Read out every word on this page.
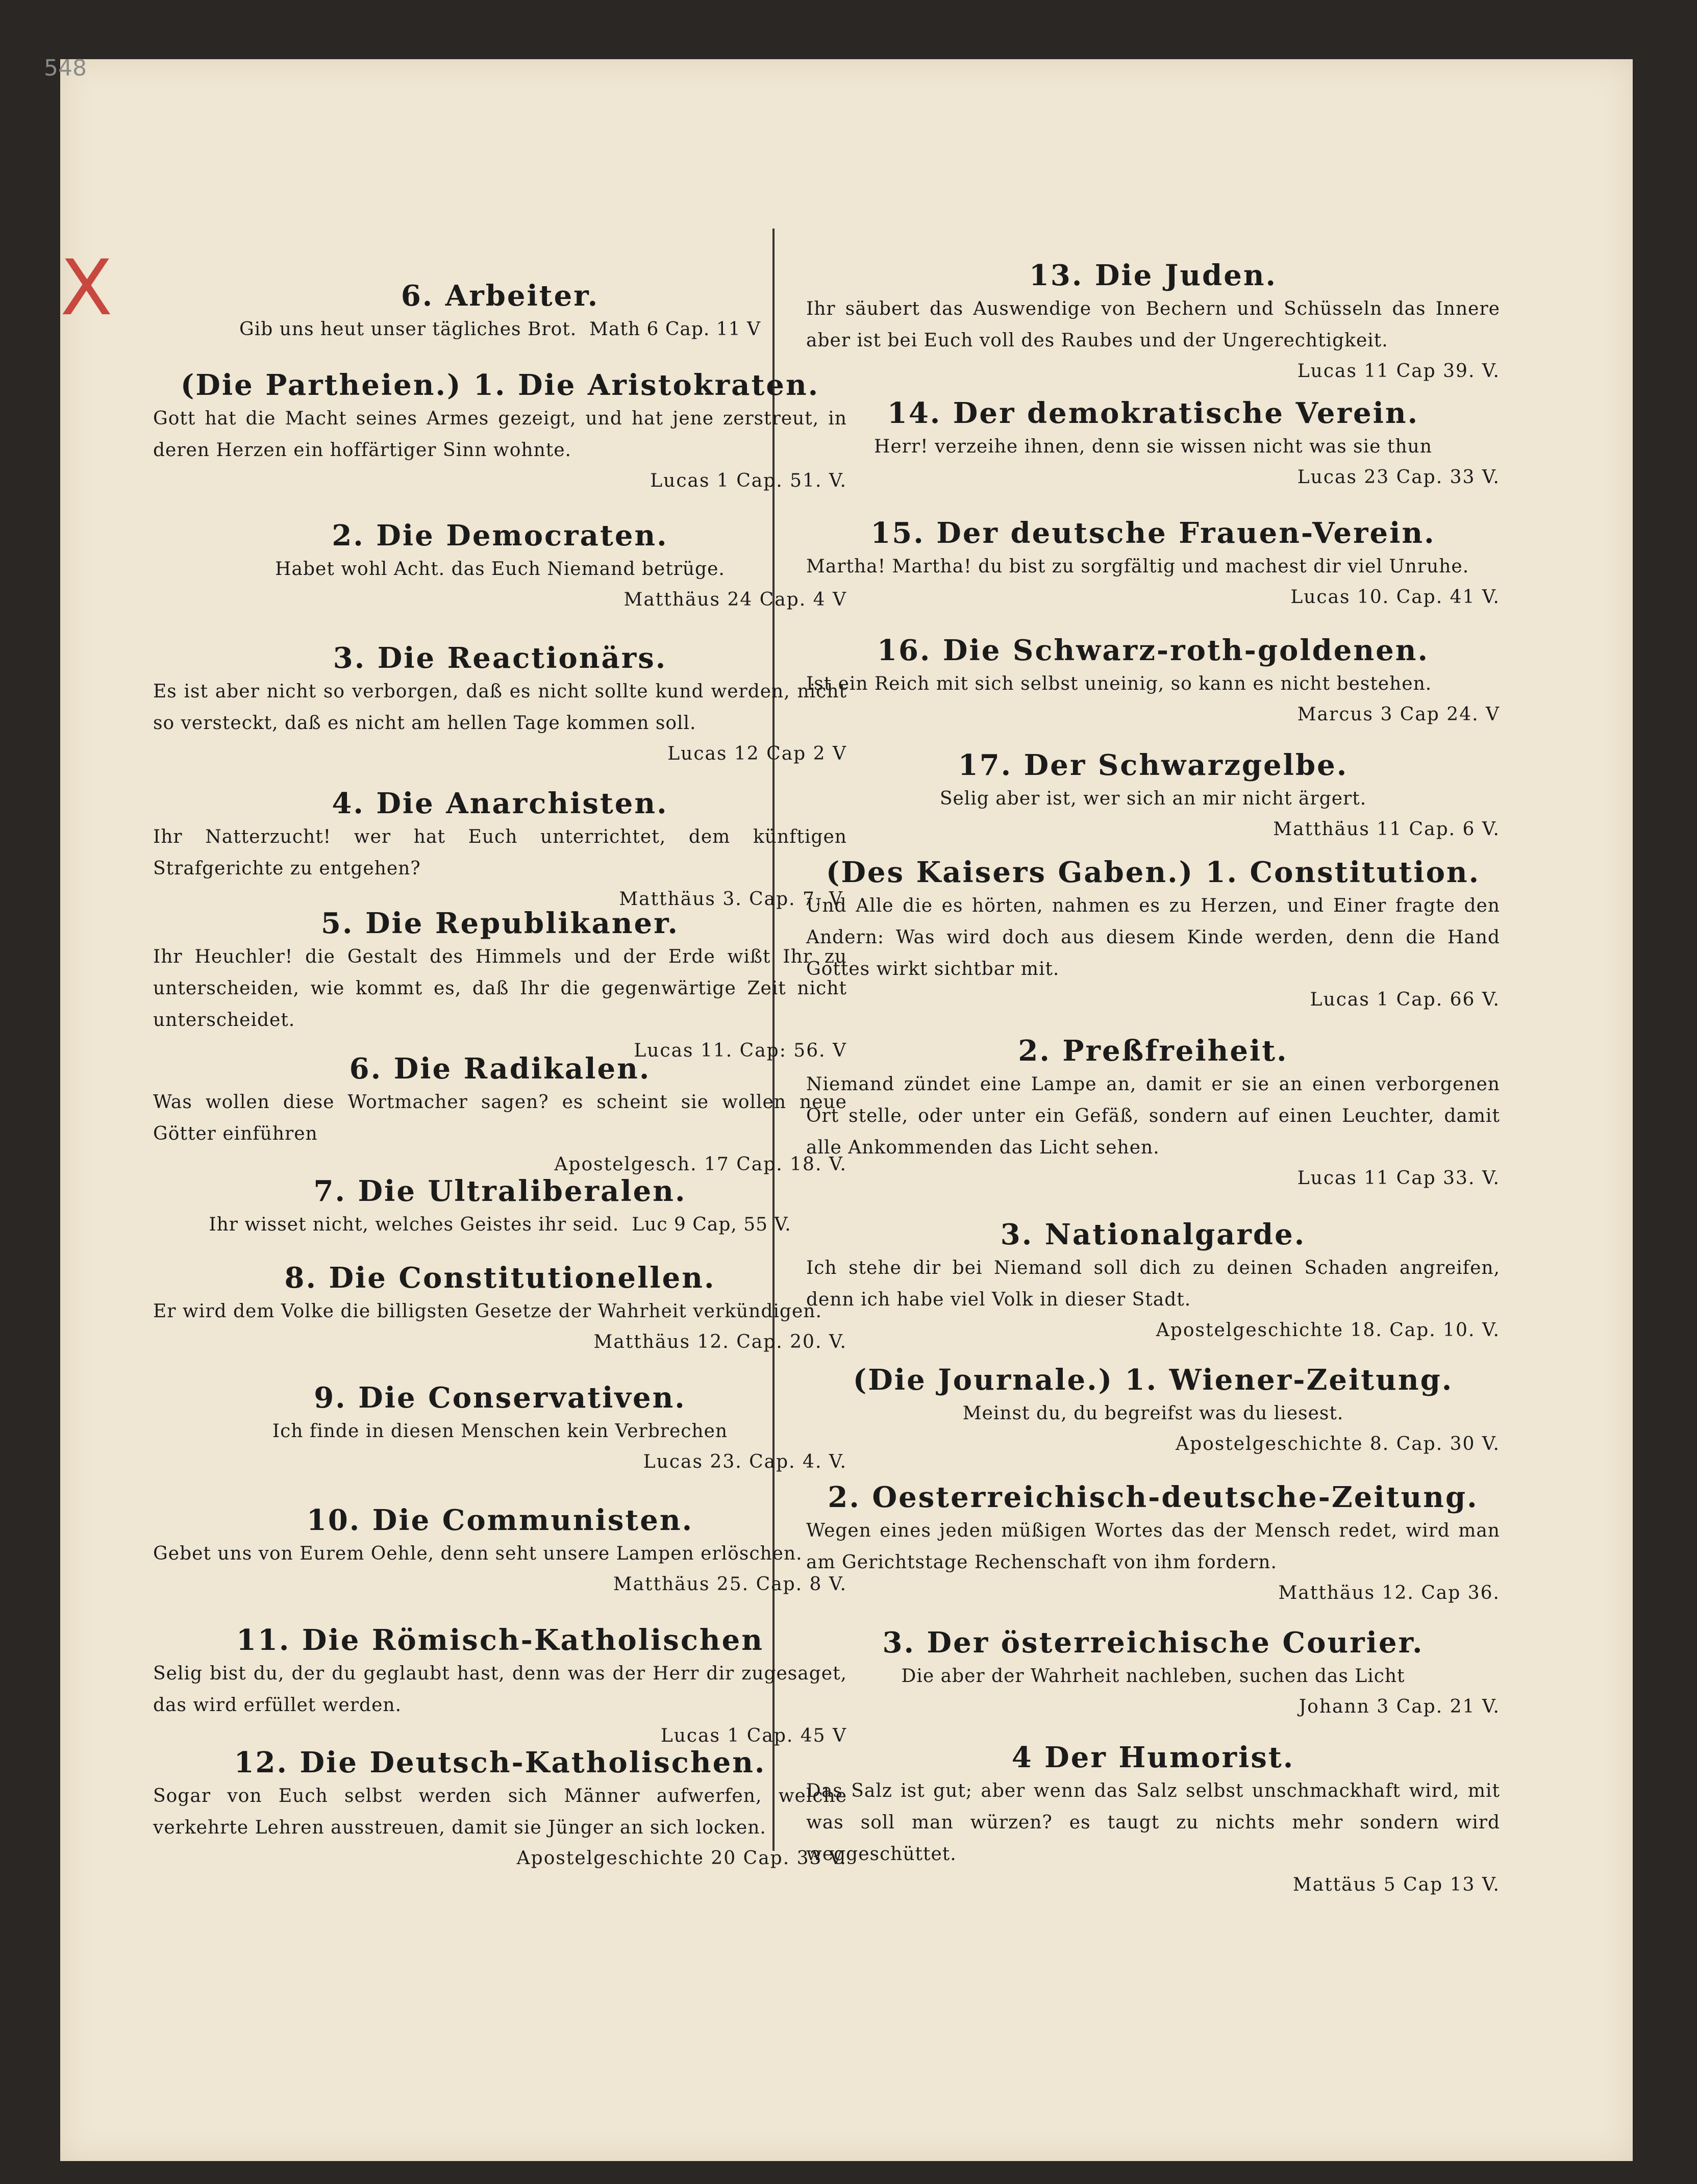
548
X	6. Arbeiter.
Gib uns heut unser tägliches Brot. Math 6 Cap. 11 V
(Die Partheien.) 1. Die Aristokraten.
Gott hat die Macht seines Armes gezeigt, und hat jene zerstreut, in deren Herzen ein hoffärtiger Sinn wohnte.
Lucas 1 Cap. 51. V.
2. Die Democraten.
Habet wohl Acht. das Euch Niemand betrüge.
Matthäus 24 Cap. 4 V
3. Die Reactionärs.
Es ist aber nicht so verborgen, daß es nicht sollte kund werden, nicht so versteckt, daß es nicht am hellen Tage kommen soll.
Lucas 12 Cap 2 V
4. Die Anarchisten.
Ihr Natterzucht! wer hat Euch unterrichtet, dem künftigen Strafgerichte zu entgehen?
Matthäus 3. Cap. 7. V.
5. Die Republikaner.
Ihr Heuchler! die Gestalt des Himmels und der Erde wißt Ihr zu unterscheiden, wie kommt es, daß Ihr die gegenwärtige Zeit nicht unterscheidet.
Lucas 11. Cap: 56. V
6. Die Radikalen.
Was wollen diese Wortmacher sagen? es scheint sie wollen neue Götter einführen
Apostelgesch. 17 Cap. 18. V.
7. Die Ultraliberalen.
Ihr wisset nicht, welches Geistes ihr seid. Luc 9 Cap, 55 V.
8. Die Constitutionellen.
Er wird dem Volke die billigsten Gesetze der Wahrheit verkündigen.
Matthäus 12. Cap. 20. V.
9. Die Conservativen.
Ich finde in diesen Menschen kein Verbrechen
Lucas 23. Cap. 4. V.
10. Die Communisten.
Gebet uns von Eurem Oehle, denn seht unsere Lampen erlöschen.
Matthäus 25. Cap. 8 V.
11. Die Römisch-Katholischen
Selig bist du, der du geglaubt hast, denn was der Herr dir zugesaget, das wird erfüllet werden.
Lucas 1 Cap. 45 V
12. Die Deutsch-Katholischen.
Sogar von Euch selbst werden sich Männer aufwerfen, welche verkehrte Lehren ausstreuen, damit sie Jünger an sich locken.
Apostelgeschichte 20 Cap. 33 V.
13. Die Juden.
Ihr säubert das Auswendige von Bechern und Schüsseln das Innere aber ist bei Euch voll des Raubes und der Ungerechtigkeit.
Lucas 11 Cap 39. V.
14. Der demokratische Verein.
Herr! verzeihe ihnen, denn sie wissen nicht was sie thun
Lucas 23 Cap. 33 V.
15. Der deutsche Frauen-Verein.
Martha! Martha! du bist zu sorgfältig und machest dir viel Unruhe.
Lucas 10. Cap. 41 V.
16. Die Schwarz-roth-goldenen.
Ist ein Reich mit sich selbst uneinig, so kann es nicht bestehen.
Marcus 3 Cap 24. V
17. Der Schwarzgelbe.
Selig aber ist, wer sich an mir nicht ärgert.
Matthäus 11 Cap. 6 V.
(Des Kaisers Gaben.) 1. Constitution.
Und Alle die es hörten, nahmen es zu Herzen, und Einer fragte den Andern: Was wird doch aus diesem Kinde werden, denn die Hand Gottes wirkt sichtbar mit.
Lucas 1 Cap. 66 V.
2. Preßfreiheit.
Niemand zündet eine Lampe an, damit er sie an einen verborgenen Ort stelle, oder unter ein Gefäß, sondern auf einen Leuchter, damit alle Ankommenden das Licht sehen.
Lucas 11 Cap 33. V.
3. Nationalgarde.
Ich stehe dir bei Niemand soll dich zu deinen Schaden angreifen, denn ich habe viel Volk in dieser Stadt.
Apostelgeschichte 18. Cap. 10. V.
(Die Journale.) 1. Wiener-Zeitung.
Meinst du, du begreifst was du liesest.
Apostelgeschichte 8. Cap. 30 V.
2. Oesterreichisch-deutsche-Zeitung.
Wegen eines jeden müßigen Wortes das der Mensch redet, wird man am Gerichtstage Rechenschaft von ihm fordern.
Matthäus 12. Cap 36.
3. Der österreichische Courier.
Die aber der Wahrheit nachleben, suchen das Licht
Johann 3 Cap. 21 V.
4 Der Humorist.
Das Salz ist gut; aber wenn das Salz selbst unschmackhaft wird, mit was soll man würzen? es taugt zu nichts mehr sondern wird weggeschüttet.
Mattäus 5 Cap 13 V.
